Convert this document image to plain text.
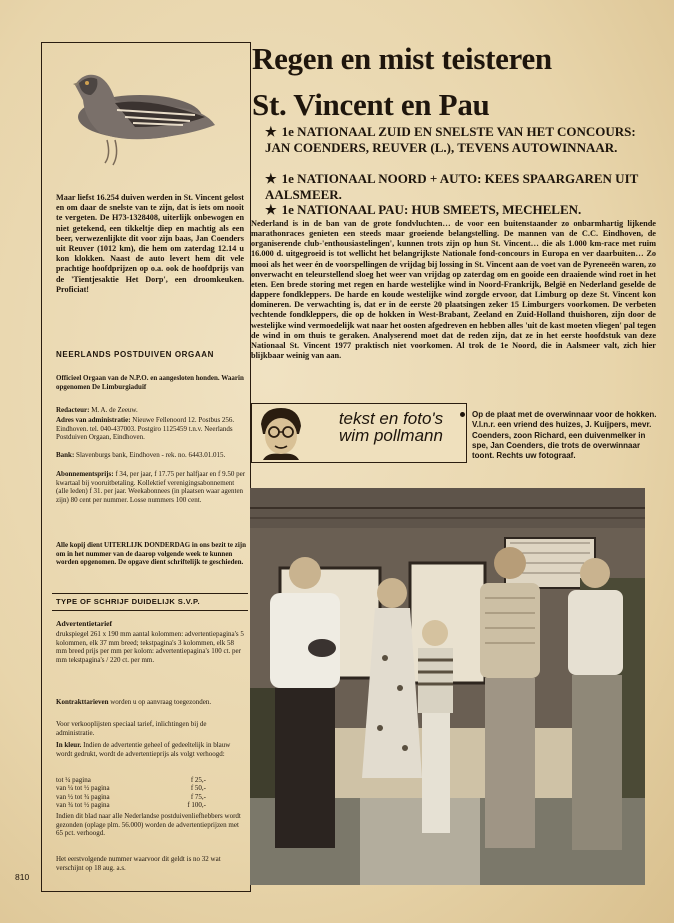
Maar liefst 16.254 duiven werden in St. Vincent gelost en om daar de snelste van te zijn, dat is iets om nooit te vergeten. De H73-1328408, uiterlijk onbewogen en niet getekend, een tikkeltje diep en machtig als een beer, verwezenlijkte dit voor zijn baas, Jan Coenders uit Reuver (1012 km), die hem om zaterdag 12.14 u kon klokken. Naast de auto levert hem dit vele prachtige hoofdprijzen op o.a. ook de hoofdprijs van de 'Tientjesaktie Het Dorp', een droomkeuken. Proficiat!

NEERLANDS POSTDUIVEN ORGAAN

Officieel Orgaan van de N.P.O. en aangesloten honden. Waarin opgenomen De Limburgiaduif

Redacteur: M. A. de Zeeuw.

Adres van administratie: Nieuwe Fellenoord 12. Postbus 256. Eindhoven. tel. 040-437003. Postgiro 1125459 t.n.v. Neerlands Postduiven Orgaan, Eindhoven.

Bank: Slavenburgs bank, Eindhoven - rek. no. 6443.01.015.

Abonnementsprijs: f 34, per jaar, f 17.75 per halfjaar en f 9.50 per kwartaal bij vooruitbetaling. Kollektief verenigingsabonnement (alle leden) f 31. per jaar. Weekabonnees (in plaatsen waar agenten zijn) 80 cent per nummer. Losse nummers 100 cent.

Alle kopij dient UITERLIJK DONDERDAG in ons bezit te zijn om in het nummer van de daarop volgende week te kunnen worden opgenomen. De opgave dient schriftelijk te geschieden.

TYPE OF SCHRIJF DUIDELIJK S.V.P.

Advertentietarief

drukspiegel 261 x 190 mm aantal kolommen: advertentiepagina's 5 kolommen, elk 37 mm breed; tekstpagina's 3 kolommen, elk 58 mm breed prijs per mm per kolom: advertentiepagina's 100 ct. per mm tekstpagina's / 220 ct. per mm.

Kontrakttarieven worden u op aanvraag toegezonden.

Voor verkooplijsten speciaal tarief, inlichtingen bij de administratie.

In kleur. Indien de advertentie geheel of gedeeltelijk in blauw wordt gedrukt, wordt de advertentieprijs als volgt verhoogd:

tot ¼ pagina	f 25,-
van ¼ tot ½ pagina	f 50,-
van ½ tot ¾ pagina	f 75,-
van ¾ tot ½ pagina	f 100,-

Indien dit blad naar alle Nederlandse postduivenliefhebbers wordt gezonden (oplage plm. 56.000) worden de advertentieprijzen met 65 pct. verhoogd.

Het eerstvolgende nummer waarvoor dit geldt is no 32 wat verschijnt op 18 aug. a.s.

810
Regen en mist teisteren
St. Vincent en Pau

★ 1e NATIONAAL ZUID EN SNELSTE VAN HET CONCOURS: JAN COENDERS, REUVER (L.), TEVENS AUTOWINNAAR.

★ 1e NATIONAAL NOORD + AUTO: KEES SPAARGAREN UIT AALSMEER.

★ 1e NATIONAAL PAU: HUB SMEETS, MECHELEN.

Nederland is in de ban van de grote fondvluchten… de voor een buitenstaander zo onbarmhartig lijkende marathonraces genieten een steeds maar groeiende belangstelling. De mannen van de C.C. Eindhoven, de organiserende club-'enthousiastelingen', kunnen trots zijn op hun St. Vincent… die als 1.000 km-race met ruim 16.000 d. uitgegroeid is tot wellicht het belangrijkste Nationale fond-concours in Europa en ver daarbuiten… Zo mooi als het weer én de voorspellingen de vrijdag bij lossing in St. Vincent aan de voet van de Pyreneeën waren, zo onverwacht en teleurstellend sloeg het weer van vrijdag op zaterdag om en gooide een draaiende wind roet in het eten. Een brede storing met regen en harde westelijke wind in Noord-Frankrijk, België en Nederland geselde de dappere fondkleppers. De harde en koude westelijke wind zorgde ervoor, dat Limburg op deze St. Vincent kon domineren. De verwachting is, dat er in de eerste 20 plaatsingen zeker 15 Limburgers voorkomen. De verbeten vechtende fondkleppers, die op de hokken in West-Brabant, Zeeland en Zuid-Holland thuishoren, zijn door de westelijke wind vermoedelijk wat naar het oosten afgedreven en hebben alles 'uit de kast moeten vliegen' pal tegen de wind in om thuis te geraken. Analyserend moet dat de reden zijn, dat ze in het eerste hoofdstuk van deze Nationaal St. Vincent 1977 praktisch niet voorkomen. Al trok de 1e Noord, die in Aalsmeer valt, zich hier blijkbaar weinig van aan.

tekst en foto's
wim pollmann

Op de plaat met de overwinnaar voor de hokken. V.l.n.r. een vriend des huizes, J. Kuijpers, mevr. Coenders, zoon Richard, een duivenmelker in spe, Jan Coenders, die trots de overwinnaar toont. Rechts uw fotograaf.
